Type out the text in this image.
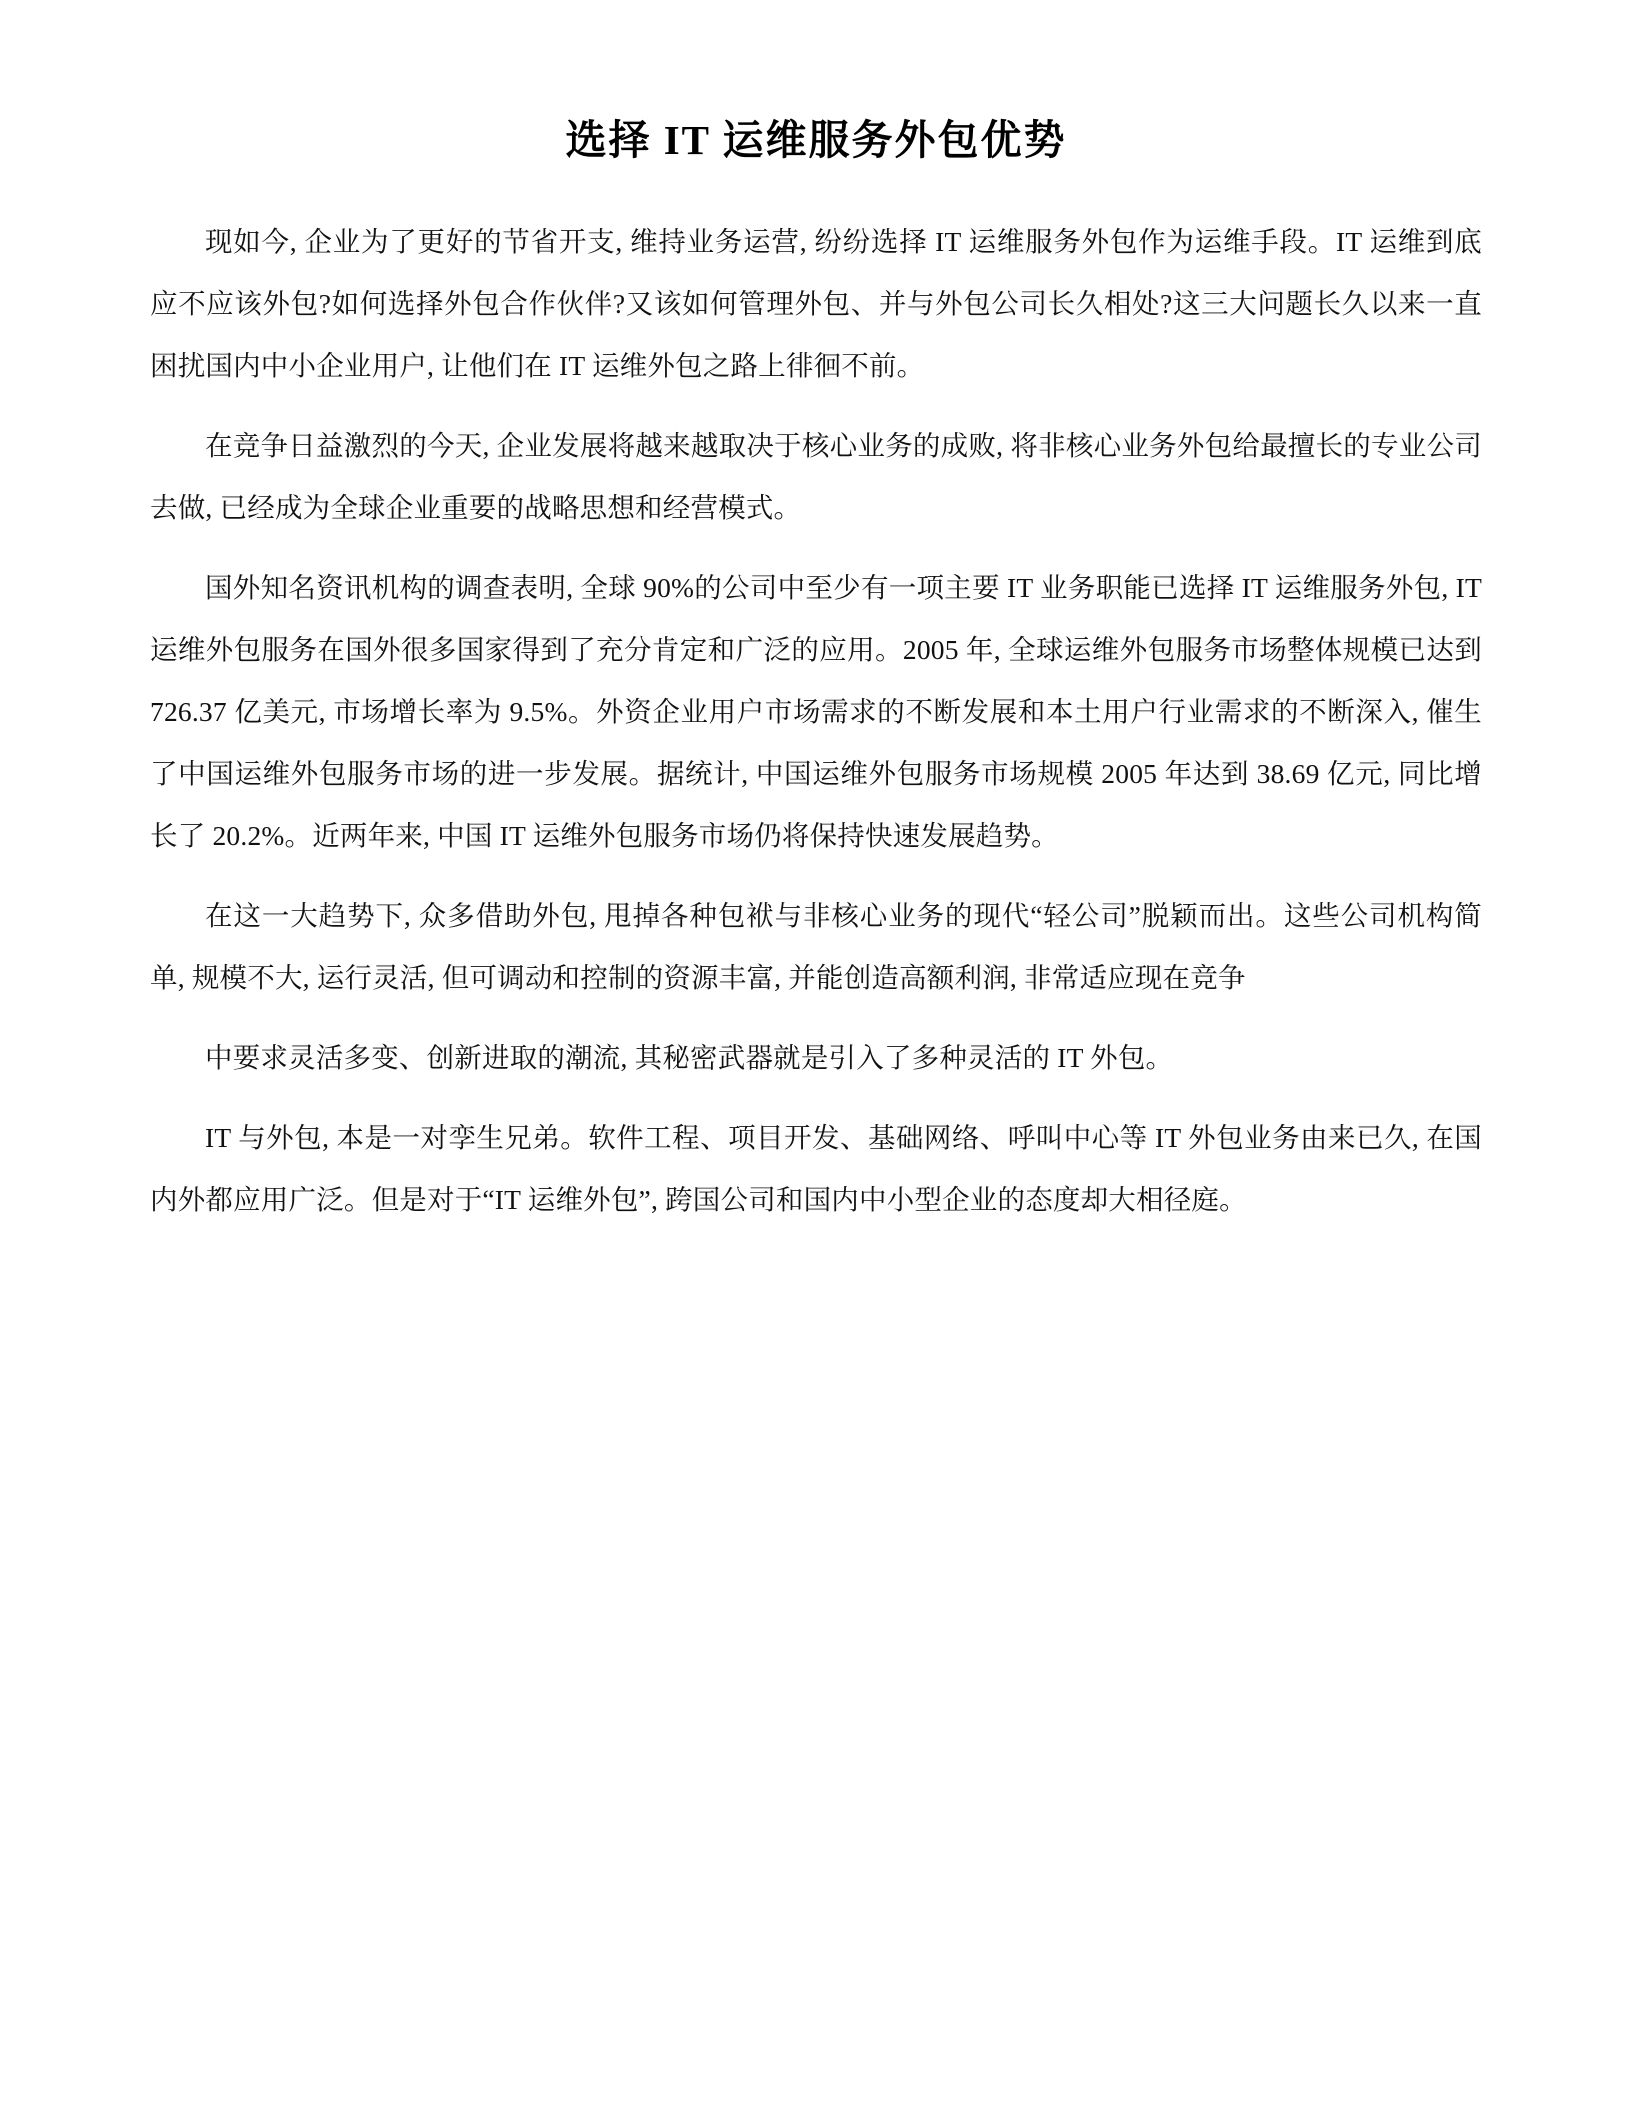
选择 IT 运维服务外包优势

现如今, 企业为了更好的节省开支, 维持业务运营, 纷纷选择 IT 运维服务外包作为运维手段。IT 运维到底应不应该外包?如何选择外包合作伙伴?又该如何管理外包、并与外包公司长久相处?这三大问题长久以来一直困扰国内中小企业用户, 让他们在 IT 运维外包之路上徘徊不前。

在竞争日益激烈的今天, 企业发展将越来越取决于核心业务的成败, 将非核心业务外包给最擅长的专业公司去做, 已经成为全球企业重要的战略思想和经营模式。

国外知名资讯机构的调查表明, 全球 90%的公司中至少有一项主要 IT 业务职能已选择 IT 运维服务外包, IT 运维外包服务在国外很多国家得到了充分肯定和广泛的应用。2005 年, 全球运维外包服务市场整体规模已达到 726.37 亿美元, 市场增长率为 9.5%。外资企业用户市场需求的不断发展和本土用户行业需求的不断深入, 催生了中国运维外包服务市场的进一步发展。据统计, 中国运维外包服务市场规模 2005 年达到 38.69 亿元, 同比增长了 20.2%。近两年来, 中国 IT 运维外包服务市场仍将保持快速发展趋势。

在这一大趋势下, 众多借助外包, 甩掉各种包袱与非核心业务的现代“轻公司”脱颖而出。这些公司机构简单, 规模不大, 运行灵活, 但可调动和控制的资源丰富, 并能创造高额利润, 非常适应现在竞争

中要求灵活多变、创新进取的潮流, 其秘密武器就是引入了多种灵活的 IT 外包。

IT 与外包, 本是一对孪生兄弟。软件工程、项目开发、基础网络、呼叫中心等 IT 外包业务由来已久, 在国内外都应用广泛。但是对于“IT 运维外包”, 跨国公司和国内中小型企业的态度却大相径庭。
